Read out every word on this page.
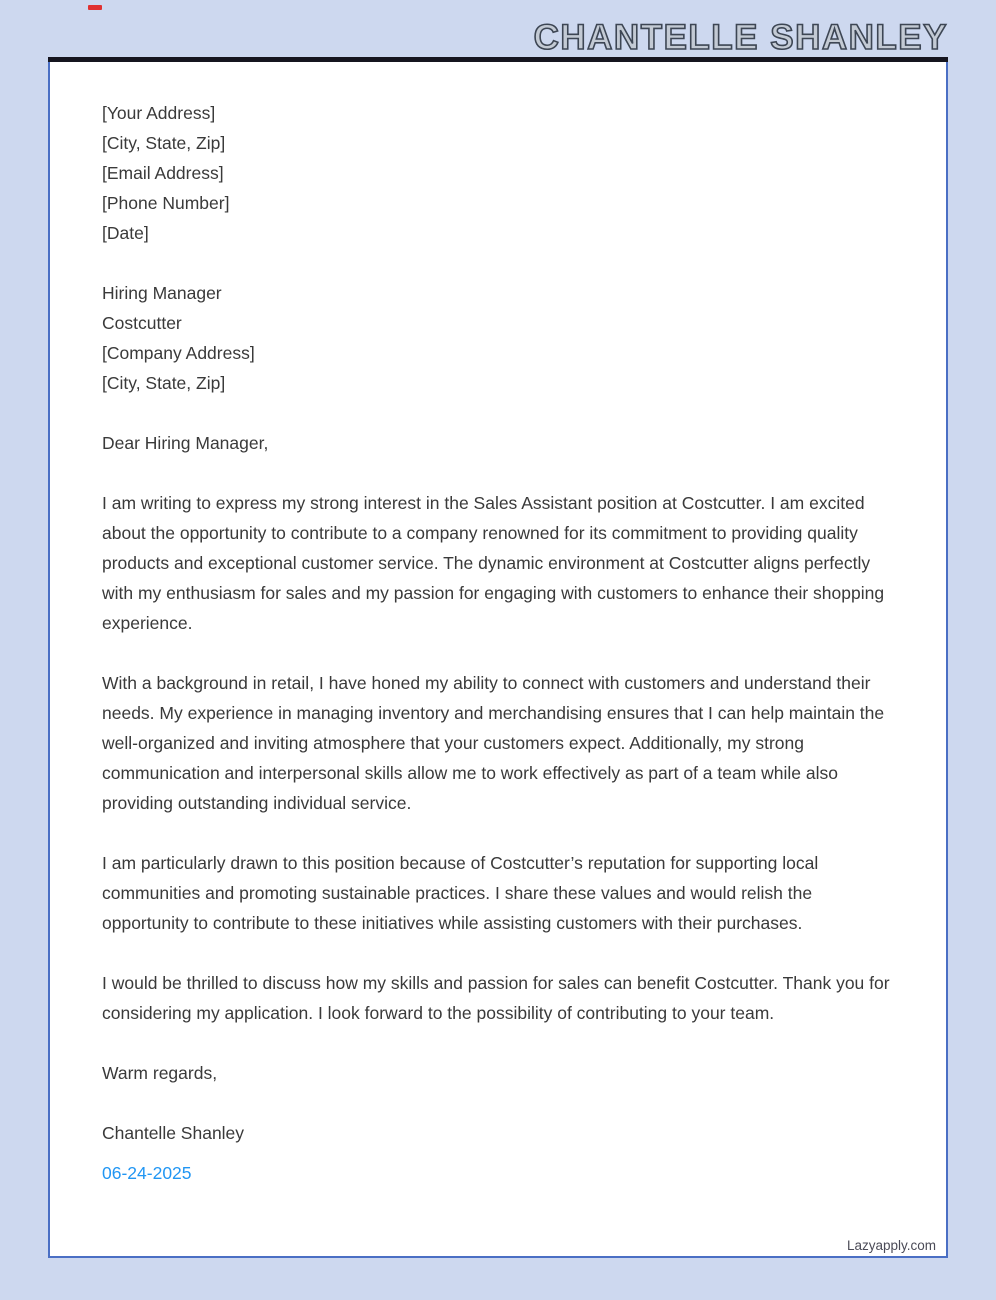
CHANTELLE SHANLEY
[Your Address]
[City, State, Zip]
[Email Address]
[Phone Number]
[Date]
Hiring Manager
Costcutter
[Company Address]
[City, State, Zip]

Dear Hiring Manager,

I am writing to express my strong interest in the Sales Assistant position at Costcutter. I am excited about the opportunity to contribute to a company renowned for its commitment to providing quality products and exceptional customer service. The dynamic environment at Costcutter aligns perfectly with my enthusiasm for sales and my passion for engaging with customers to enhance their shopping experience.

With a background in retail, I have honed my ability to connect with customers and understand their needs. My experience in managing inventory and merchandising ensures that I can help maintain the well-organized and inviting atmosphere that your customers expect. Additionally, my strong communication and interpersonal skills allow me to work effectively as part of a team while also providing outstanding individual service.

I am particularly drawn to this position because of Costcutter’s reputation for supporting local communities and promoting sustainable practices. I share these values and would relish the opportunity to contribute to these initiatives while assisting customers with their purchases.

I would be thrilled to discuss how my skills and passion for sales can benefit Costcutter. Thank you for considering my application. I look forward to the possibility of contributing to your team.

Warm regards,

Chantelle Shanley

06-24-2025

Lazyapply.com
